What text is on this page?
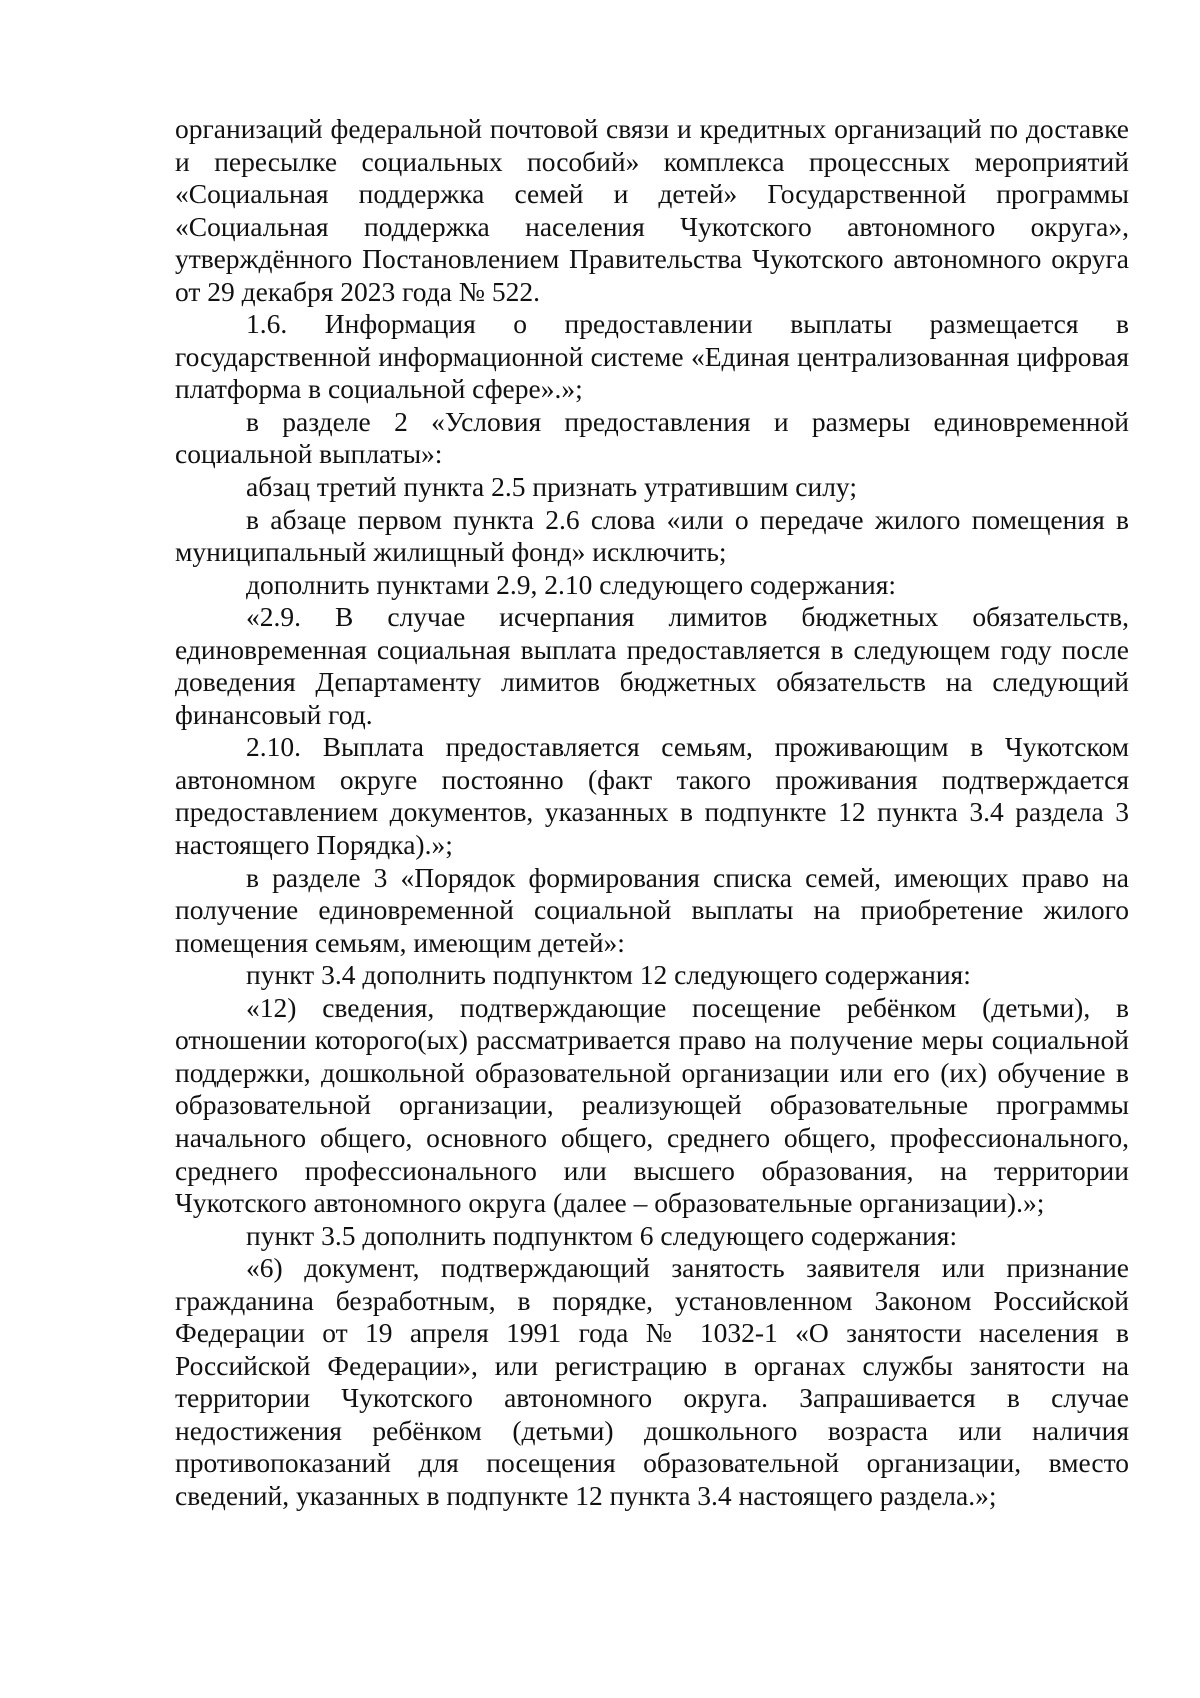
организаций федеральной почтовой связи и кредитных организаций по доставке и пересылке социальных пособий» комплекса процессных мероприятий «Социальная поддержка семей и детей» Государственной программы «Социальная поддержка населения Чукотского автономного округа», утверждённого Постановлением Правительства Чукотского автономного округа от 29 декабря 2023 года № 522.

1.6. Информация о предоставлении выплаты размещается в государственной информационной системе «Единая централизованная цифровая платформа в социальной сфере».»;

в разделе 2 «Условия предоставления и размеры единовременной социальной выплаты»:

абзац третий пункта 2.5 признать утратившим силу;

в абзаце первом пункта 2.6 слова «или о передаче жилого помещения в муниципальный жилищный фонд» исключить;

дополнить пунктами 2.9, 2.10 следующего содержания:

«2.9. В случае исчерпания лимитов бюджетных обязательств, единовременная социальная выплата предоставляется в следующем году после доведения Департаменту лимитов бюджетных обязательств на следующий финансовый год.

2.10. Выплата предоставляется семьям, проживающим в Чукотском автономном округе постоянно (факт такого проживания подтверждается предоставлением документов, указанных в подпункте 12 пункта 3.4 раздела 3 настоящего Порядка).»;

в разделе 3 «Порядок формирования списка семей, имеющих право на получение единовременной социальной выплаты на приобретение жилого помещения семьям, имеющим детей»:

пункт 3.4 дополнить подпунктом 12 следующего содержания:

«12) сведения, подтверждающие посещение ребёнком (детьми), в отношении которого(ых) рассматривается право на получение меры социальной поддержки, дошкольной образовательной организации или его (их) обучение в образовательной организации, реализующей образовательные программы начального общего, основного общего, среднего общего, профессионального, среднего профессионального или высшего образования, на территории Чукотского автономного округа (далее – образовательные организации).»;

пункт 3.5 дополнить подпунктом 6 следующего содержания:

«6) документ, подтверждающий занятость заявителя или признание гражданина безработным, в порядке, установленном Законом Российской Федерации от 19 апреля 1991 года № 1032-1 «О занятости населения в Российской Федерации», или регистрацию в органах службы занятости на территории Чукотского автономного округа. Запрашивается в случае недостижения ребёнком (детьми) дошкольного возраста или наличия противопоказаний для посещения образовательной организации, вместо сведений, указанных в подпункте 12 пункта 3.4 настоящего раздела.»;
